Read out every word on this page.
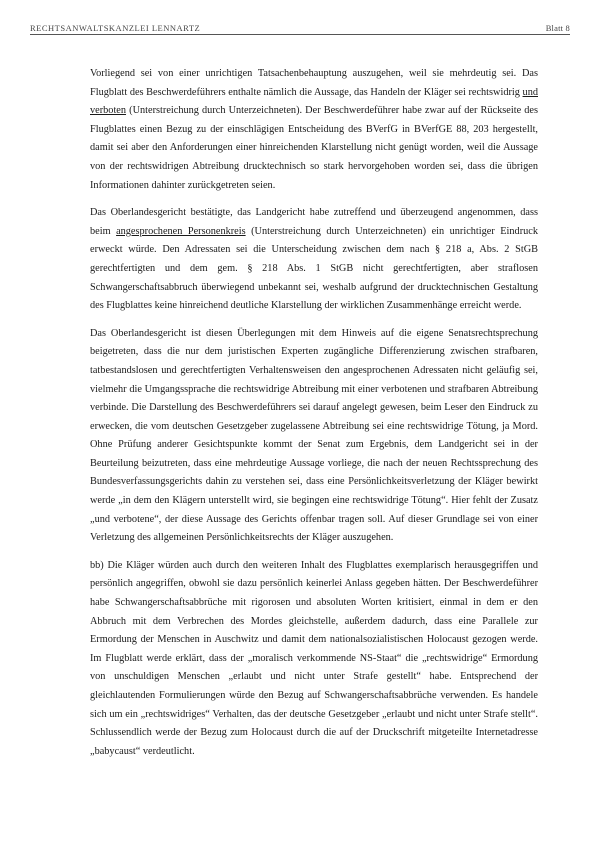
RECHTSANWALTSKANZLEI LENNARTZ	Blatt 8

Vorliegend sei von einer unrichtigen Tatsachenbehauptung auszugehen, weil sie mehrdeutig sei. Das Flugblatt des Beschwerdeführers enthalte nämlich die Aussage, das Handeln der Kläger sei rechtswidrig und verboten (Unterstreichung durch Unterzeichneten). Der Beschwerdeführer habe zwar auf der Rückseite des Flugblattes einen Bezug zu der einschlägigen Entscheidung des BVerfG in BVerfGE 88, 203 hergestellt, damit sei aber den Anforderungen einer hinreichenden Klarstellung nicht genügt worden, weil die Aussage von der rechtswidrigen Abtreibung drucktechnisch so stark hervorgehoben worden sei, dass die übrigen Informationen dahinter zurückgetreten seien.

Das Oberlandesgericht bestätigte, das Landgericht habe zutreffend und überzeugend angenommen, dass beim angesprochenen Personenkreis (Unterstreichung durch Unterzeichneten) ein unrichtiger Eindruck erweckt würde. Den Adressaten sei die Unterscheidung zwischen dem nach § 218 a, Abs. 2 StGB gerechtfertigten und dem gem. § 218 Abs. 1 StGB nicht gerechtfertigten, aber straflosen Schwangerschaftsabbruch überwiegend unbekannt sei, weshalb aufgrund der drucktechnischen Gestaltung des Flugblattes keine hinreichend deutliche Klarstellung der wirklichen Zusammenhänge erreicht werde.

Das Oberlandesgericht ist diesen Überlegungen mit dem Hinweis auf die eigene Senatsrechtsprechung beigetreten, dass die nur dem juristischen Experten zugängliche Differenzierung zwischen strafbaren, tatbestandslosen und gerechtfertigten Verhaltensweisen den angesprochenen Adressaten nicht geläufig sei, vielmehr die Umgangssprache die rechtswidrige Abtreibung mit einer verbotenen und strafbaren Abtreibung verbinde. Die Darstellung des Beschwerdeführers sei darauf angelegt gewesen, beim Leser den Eindruck zu erwecken, die vom deutschen Gesetzgeber zugelassene Abtreibung sei eine rechtswidrige Tötung, ja Mord. Ohne Prüfung anderer Gesichtspunkte kommt der Senat zum Ergebnis, dem Landgericht sei in der Beurteilung beizutreten, dass eine mehrdeutige Aussage vorliege, die nach der neuen Rechtssprechung des Bundesverfassungsgerichts dahin zu verstehen sei, dass eine Persönlichkeitsverletzung der Kläger bewirkt werde „in dem den Klägern unterstellt wird, sie begingen eine rechtswidrige Tötung“. Hier fehlt der Zusatz „und verbotene“, der diese Aussage des Gerichts offenbar tragen soll. Auf dieser Grundlage sei von einer Verletzung des allgemeinen Persönlichkeitsrechts der Kläger auszugehen.

bb) Die Kläger würden auch durch den weiteren Inhalt des Flugblattes exemplarisch herausgegriffen und persönlich angegriffen, obwohl sie dazu persönlich keinerlei Anlass gegeben hätten. Der Beschwerdeführer habe Schwangerschaftsabbrüche mit rigorosen und absoluten Worten kritisiert, einmal in dem er den Abbruch mit dem Verbrechen des Mordes gleichstelle, außerdem dadurch, dass eine Parallele zur Ermordung der Menschen in Auschwitz und damit dem nationalsozialistischen Holocaust gezogen werde. Im Flugblatt werde erklärt, dass der „moralisch verkommende NS-Staat“ die „rechtswidrige“ Ermordung von unschuldigen Menschen „erlaubt und nicht unter Strafe gestellt“ habe. Entsprechend der gleichlautenden Formulierungen würde den Bezug auf Schwangerschaftsabbrüche verwenden. Es handele sich um ein „rechtswidriges“ Verhalten, das der deutsche Gesetzgeber „erlaubt und nicht unter Strafe stellt“. Schlussendlich werde der Bezug zum Holocaust durch die auf der Druckschrift mitgeteilte Internetadresse „babycaust“ verdeutlicht.
